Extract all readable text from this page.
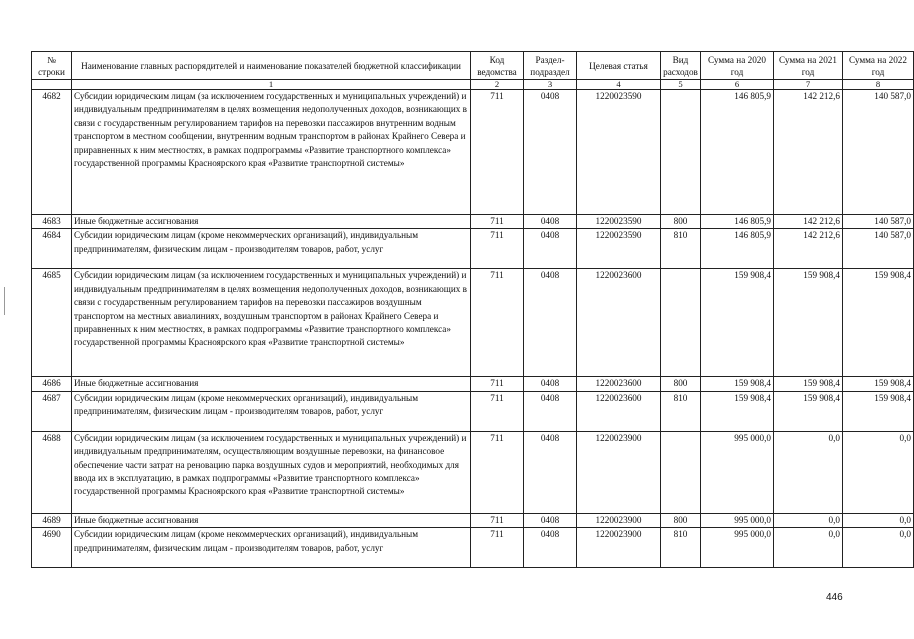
№ строки	Наименование главных распорядителей и наименование показателей бюджетной классификации	Код ведомства	Раздел-подраздел	Целевая статья	Вид расходов	Сумма на 2020 год	Сумма на 2021 год	Сумма на 2022 год
	1	2	3	4	5	6	7	8
4682	Субсидии юридическим лицам (за исключением государственных и муниципальных учреждений) и индивидуальным предпринимателям в целях возмещения недополученных доходов, возникающих в связи с государственным регулированием тарифов на перевозки пассажиров внутренним водным транспортом в местном сообщении, внутренним водным транспортом в районах Крайнего Севера и приравненных к ним местностях, в рамках подпрограммы «Развитие транспортного комплекса» государственной программы Красноярского края «Развитие транспортной системы»	711	0408	1220023590		146 805,9	142 212,6	140 587,0
4683	Иные бюджетные ассигнования	711	0408	1220023590	800	146 805,9	142 212,6	140 587,0
4684	Субсидии юридическим лицам (кроме некоммерческих организаций), индивидуальным предпринимателям, физическим лицам - производителям товаров, работ, услуг	711	0408	1220023590	810	146 805,9	142 212,6	140 587,0
4685	Субсидии юридическим лицам (за исключением государственных и муниципальных учреждений) и индивидуальным предпринимателям в целях возмещения недополученных доходов, возникающих в связи с государственным регулированием тарифов на перевозки пассажиров воздушным транспортом на местных авиалиниях, воздушным транспортом в районах Крайнего Севера и приравненных к ним местностях, в рамках подпрограммы «Развитие транспортного комплекса» государственной программы Красноярского края «Развитие транспортной системы»	711	0408	1220023600		159 908,4	159 908,4	159 908,4
4686	Иные бюджетные ассигнования	711	0408	1220023600	800	159 908,4	159 908,4	159 908,4
4687	Субсидии юридическим лицам (кроме некоммерческих организаций), индивидуальным предпринимателям, физическим лицам - производителям товаров, работ, услуг	711	0408	1220023600	810	159 908,4	159 908,4	159 908,4
4688	Субсидии юридическим лицам (за исключением государственных и муниципальных учреждений) и индивидуальным предпринимателям, осуществляющим воздушные перевозки, на финансовое обеспечение части затрат на реновацию парка воздушных судов и мероприятий, необходимых для ввода их в эксплуатацию, в рамках подпрограммы «Развитие транспортного комплекса» государственной программы Красноярского края «Развитие транспортной системы»	711	0408	1220023900		995 000,0	0,0	0,0
4689	Иные бюджетные ассигнования	711	0408	1220023900	800	995 000,0	0,0	0,0
4690	Субсидии юридическим лицам (кроме некоммерческих организаций), индивидуальным предпринимателям, физическим лицам - производителям товаров, работ, услуг	711	0408	1220023900	810	995 000,0	0,0	0,0
446
